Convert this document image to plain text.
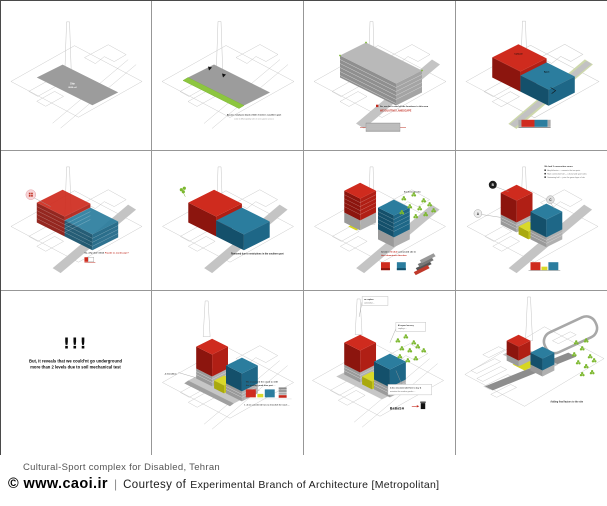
Site
8000 m2
Access road just back a little 3 meters southern part
( due to Municipality rules in over-grown areas )
So, we don't need all the functions in this area
WE DILUTING LANDSCAPE
Cultural
Sport
So, why don't think Facade as Landscape?	Removed due to restrictions in the southern part
Southern Garden
Create a flexible connected site in
then downtown direction
A
B
C
We had 3 connection zones
Amphitheater — connects the two parts
Main connection hall — cultural and sport sides
Swimming hall — joins the green layer of site
!!!
But, it reveals that we could'nt go underground
more than 2 levels due to soil mechanical test
-2 demolition
We recovered the stack to shift
the parking peak time part ...
1 . A we considered how to demolish the stack ...
we replace
somewhat ...
A beyond nursery
saplings ...
it also recommended here to buy &
maintain the modern garden ...
BaBaSA
Adding final factors to the site
Cultural-Sport complex for Disabled, Tehran
© www.caoi.ir | Courtesy of Experimental Branch of Architecture [Metropolitan]
